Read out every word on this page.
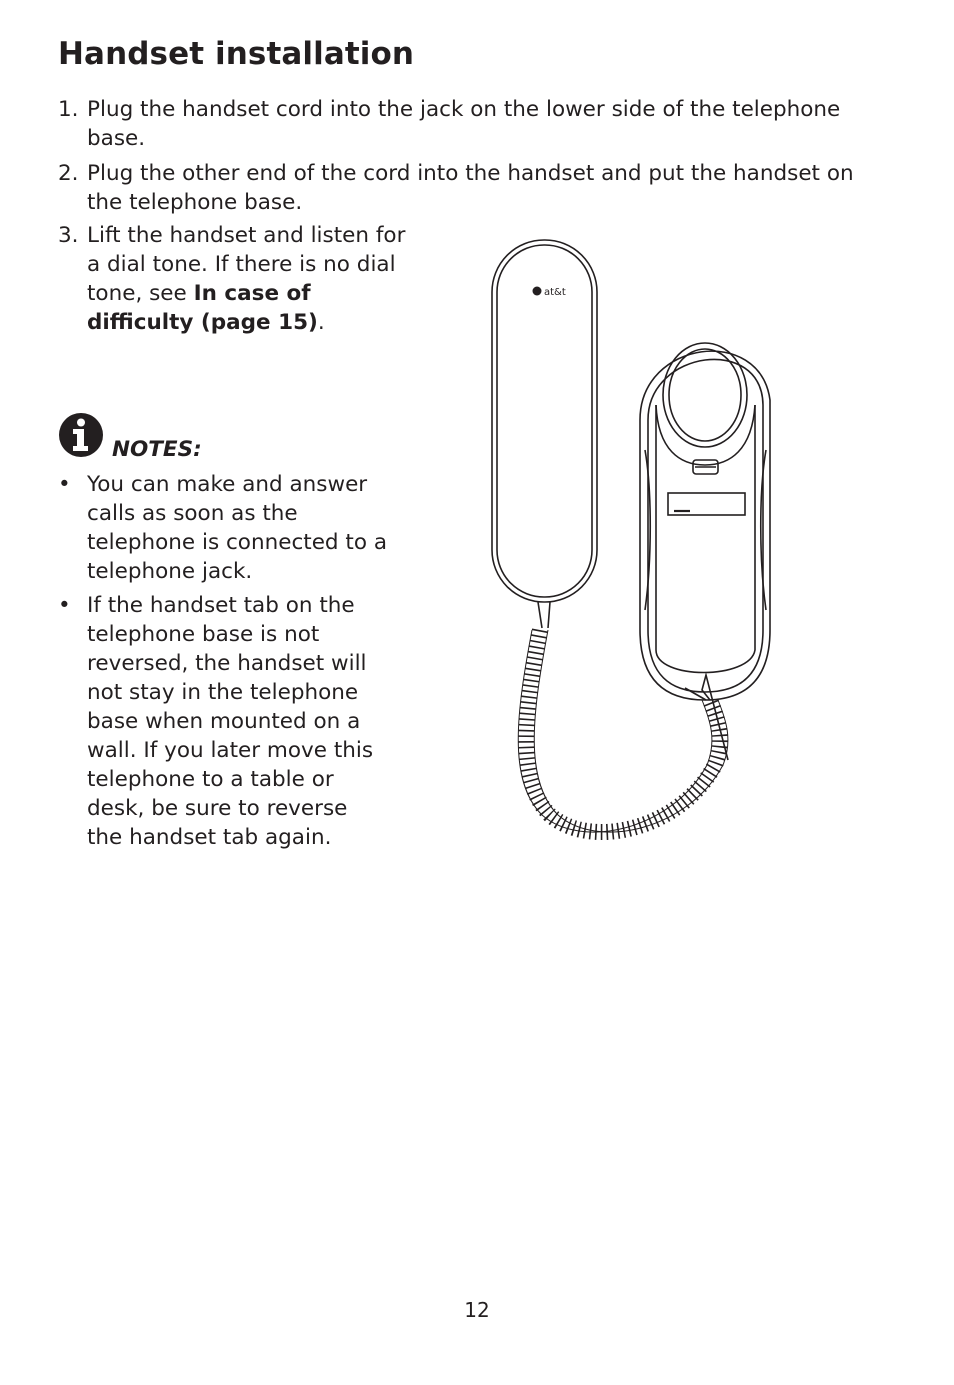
Handset installation
1. Plug the handset cord into the jack on the lower side of the telephone base.
2. Plug the other end of the cord into the handset and put the handset on the telephone base.
3. Lift the handset and listen for a dial tone. If there is no dial tone, see In case of difficulty (page 15).
NOTES:
• You can make and answer calls as soon as the telephone is connected to a telephone jack.
• If the handset tab on the telephone base is not reversed, the handset will not stay in the telephone base when mounted on a wall. If you later move this telephone to a table or desk, be sure to reverse the handset tab again.
at&t
12
